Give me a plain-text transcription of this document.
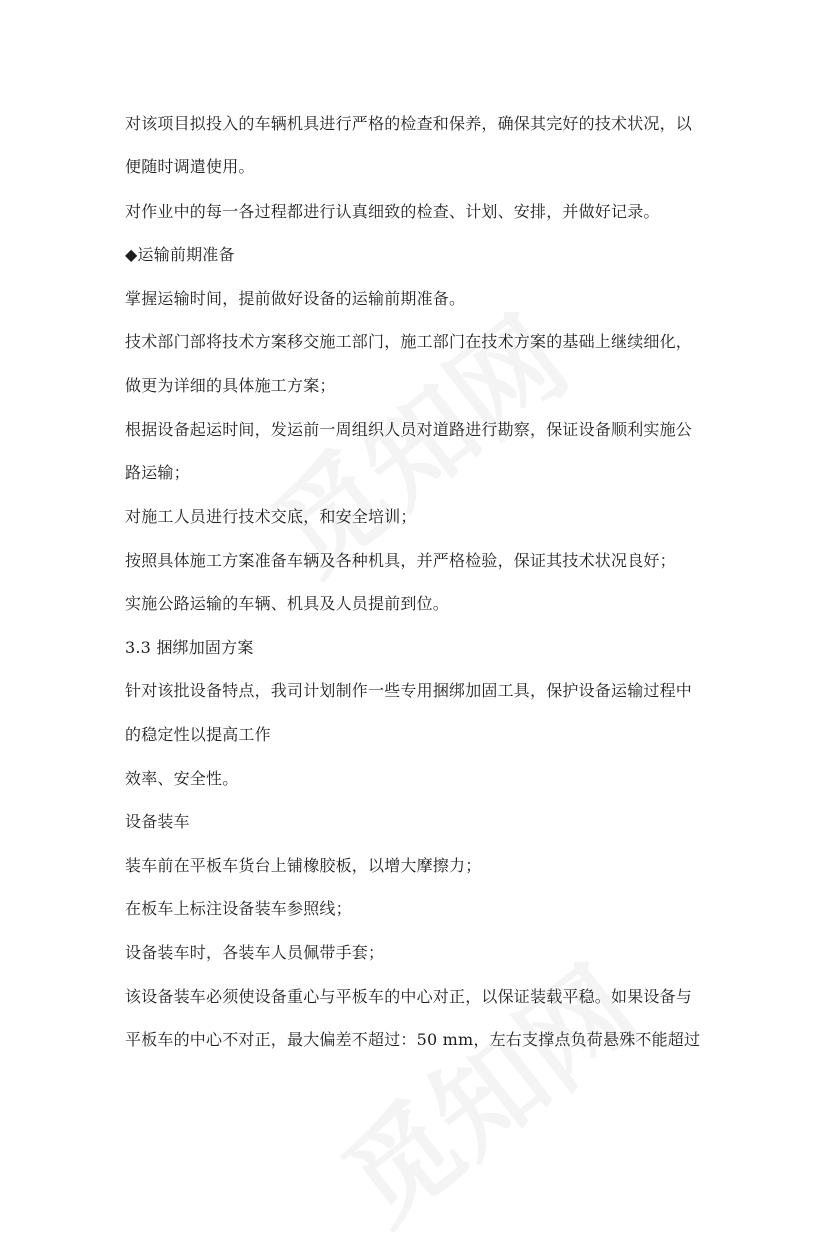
对该项目拟投入的车辆机具进行严格的检查和保养，确保其完好的技术状况，以
便随时调遣使用。
对作业中的每一各过程都进行认真细致的检查、计划、安排，并做好记录。
◆运输前期准备
掌握运输时间，提前做好设备的运输前期准备。
技术部门部将技术方案移交施工部门，施工部门在技术方案的基础上继续细化，
做更为详细的具体施工方案；
根据设备起运时间，发运前一周组织人员对道路进行勘察，保证设备顺利实施公
路运输；
对施工人员进行技术交底，和安全培训；
按照具体施工方案准备车辆及各种机具，并严格检验，保证其技术状况良好；
实施公路运输的车辆、机具及人员提前到位。
3.3 捆绑加固方案
针对该批设备特点，我司计划制作一些专用捆绑加固工具，保护设备运输过程中
的稳定性以提高工作
效率、安全性。
设备装车
装车前在平板车货台上铺橡胶板，以增大摩擦力；
在板车上标注设备装车参照线；
设备装车时，各装车人员佩带手套；
该设备装车必须使设备重心与平板车的中心对正，以保证装载平稳。如果设备与
平板车的中心不对正，最大偏差不超过：50 mm，左右支撑点负荷悬殊不能超过
